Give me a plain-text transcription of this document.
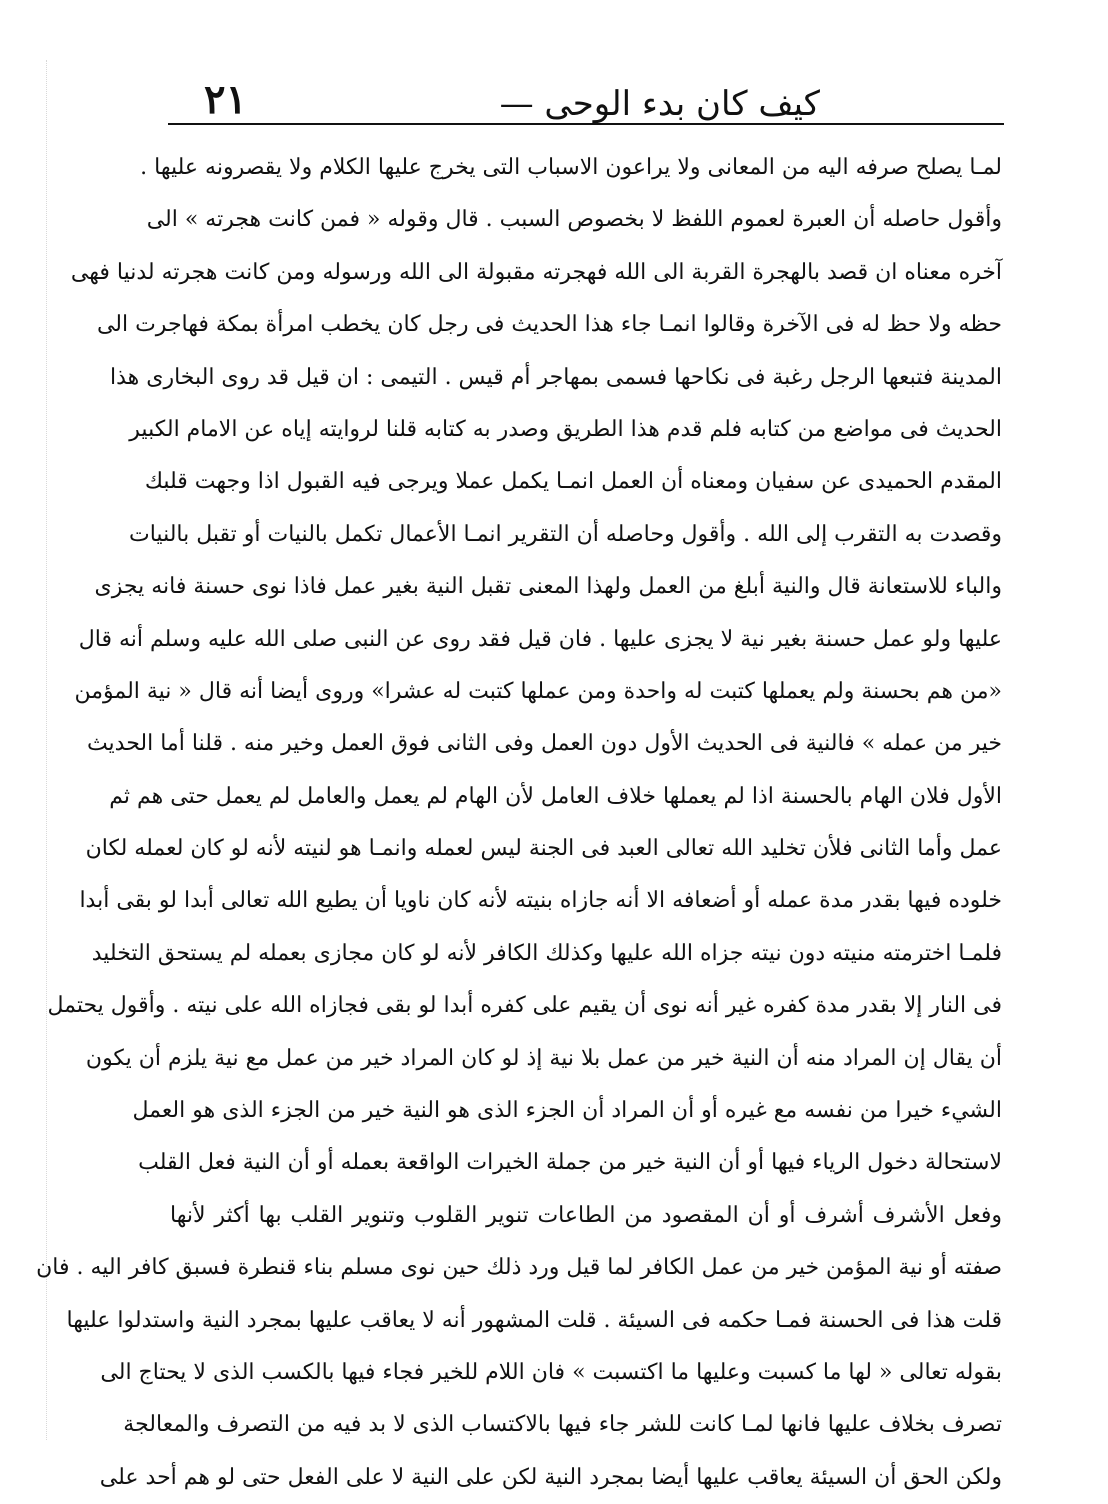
كيف كان بدء الوحى —
٢١
لمـا يصلح صرفه اليه من المعانى ولا يراعون الاسباب التى يخرج عليها الكلام ولا يقصرونه عليها .
وأقول حاصله أن العبرة لعموم اللفظ لا بخصوص السبب . قال وقوله « فمن كانت هجرته » الى
آخره معناه ان قصد بالهجرة القربة الى الله فهجرته مقبولة الى الله ورسوله ومن كانت هجرته لدنيا فهى
حظه ولا حظ له فى الآخرة وقالوا انمـا جاء هذا الحديث فى رجل كان يخطب امرأة بمكة فهاجرت الى
المدينة فتبعها الرجل رغبة فى نكاحها فسمى بمهاجر أم قيس . التيمى : ان قيل قد روى البخارى هذا
الحديث فى مواضع من كتابه فلم قدم هذا الطريق وصدر به كتابه قلنا لروايته إياه عن الامام الكبير
المقدم الحميدى عن سفيان ومعناه أن العمل انمـا يكمل عملا ويرجى فيه القبول اذا وجهت قلبك
وقصدت به التقرب إلى الله . وأقول وحاصله أن التقرير انمـا الأعمال تكمل بالنيات أو تقبل بالنيات
والباء للاستعانة قال والنية أبلغ من العمل ولهذا المعنى تقبل النية بغير عمل فاذا نوى حسنة فانه يجزى
عليها ولو عمل حسنة بغير نية لا يجزى عليها . فان قيل فقد روى عن النبى صلى الله عليه وسلم أنه قال
«من هم بحسنة ولم يعملها كتبت له واحدة ومن عملها كتبت له عشرا» وروى أيضا أنه قال « نية المؤمن
خير من عمله » فالنية فى الحديث الأول دون العمل وفى الثانى فوق العمل وخير منه . قلنا أما الحديث
الأول فلان الهام بالحسنة اذا لم يعملها خلاف العامل لأن الهام لم يعمل والعامل لم يعمل حتى هم ثم
عمل وأما الثانى فلأن تخليد الله تعالى العبد فى الجنة ليس لعمله وانمـا هو لنيته لأنه لو كان لعمله لكان
خلوده فيها بقدر مدة عمله أو أضعافه الا أنه جازاه بنيته لأنه كان ناويا أن يطيع الله تعالى أبدا لو بقى أبدا
فلمـا اخترمته منيته دون نيته جزاه الله عليها وكذلك الكافر لأنه لو كان مجازى بعمله لم يستحق التخليد
فى النار إلا بقدر مدة كفره غير أنه نوى أن يقيم على كفره أبدا لو بقى فجازاه الله على نيته . وأقول يحتمل
أن يقال إن المراد منه أن النية خير من عمل بلا نية إذ لو كان المراد خير من عمل مع نية يلزم أن يكون
الشيء خيرا من نفسه مع غيره أو أن المراد أن الجزء الذى هو النية خير من الجزء الذى هو العمل
لاستحالة دخول الرياء فيها أو أن النية خير من جملة الخيرات الواقعة بعمله أو أن النية فعل القلب
وفعل الأشرف أشرف أو أن المقصود من الطاعات تنوير القلوب وتنوير القلب بها أكثر لأنها
صفته أو نية المؤمن خير من عمل الكافر لما قيل ورد ذلك حين نوى مسلم بناء قنطرة فسبق كافر اليه . فان
قلت هذا فى الحسنة فمـا حكمه فى السيئة . قلت المشهور أنه لا يعاقب عليها بمجرد النية واستدلوا عليها
بقوله تعالى « لها ما كسبت وعليها ما اكتسبت » فان اللام للخير فجاء فيها بالكسب الذى لا يحتاج الى
تصرف بخلاف عليها فانها لمـا كانت للشر جاء فيها بالاكتساب الذى لا بد فيه من التصرف والمعالجة
ولكن الحق أن السيئة يعاقب عليها أيضا بمجرد النية لكن على النية لا على الفعل حتى لو هم أحد على
